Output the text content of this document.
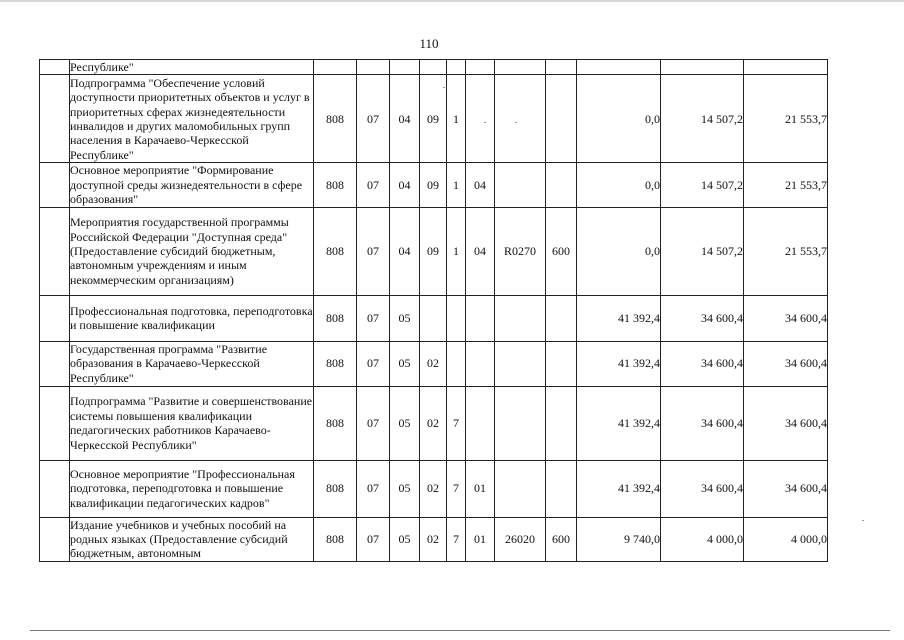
110
	Республике"											
	Подпрограмма "Обеспечение условий доступности приоритетных объектов и услуг в приоритетных сферах жизнедеятельности инвалидов и других маломобильных групп населения в Карачаево-Черкесской Республике"	808	07	04	09	1				0,0	14 507,2	21 553,7
	Основное мероприятие "Формирование доступной среды жизнедеятельности в сфере образования"	808	07	04	09	1	04			0,0	14 507,2	21 553,7
	Мероприятия государственной программы Российской Федерации "Доступная среда" (Предоставление субсидий бюджетным, автономным учреждениям и иным некоммерческим организациям)	808	07	04	09	1	04	R0270	600	0,0	14 507,2	21 553,7
	Профессиональная подготовка, переподготовка и повышение квалификации	808	07	05						41 392,4	34 600,4	34 600,4
	Государственная программа "Развитие образования в Карачаево-Черкесской Республике"	808	07	05	02					41 392,4	34 600,4	34 600,4
	Подпрограмма "Развитие и совершенствование системы повышения квалификации педагогических работников Карачаево-Черкесской Республики"	808	07	05	02	7				41 392,4	34 600,4	34 600,4
	Основное мероприятие "Профессиональная подготовка, переподготовка и повышение квалификации педагогических кадров"	808	07	05	02	7	01			41 392,4	34 600,4	34 600,4
	Издание учебников и учебных пособий на родных языках (Предоставление субсидий бюджетным, автономным	808	07	05	02	7	01	26020	600	9 740,0	4 000,0	4 000,0
